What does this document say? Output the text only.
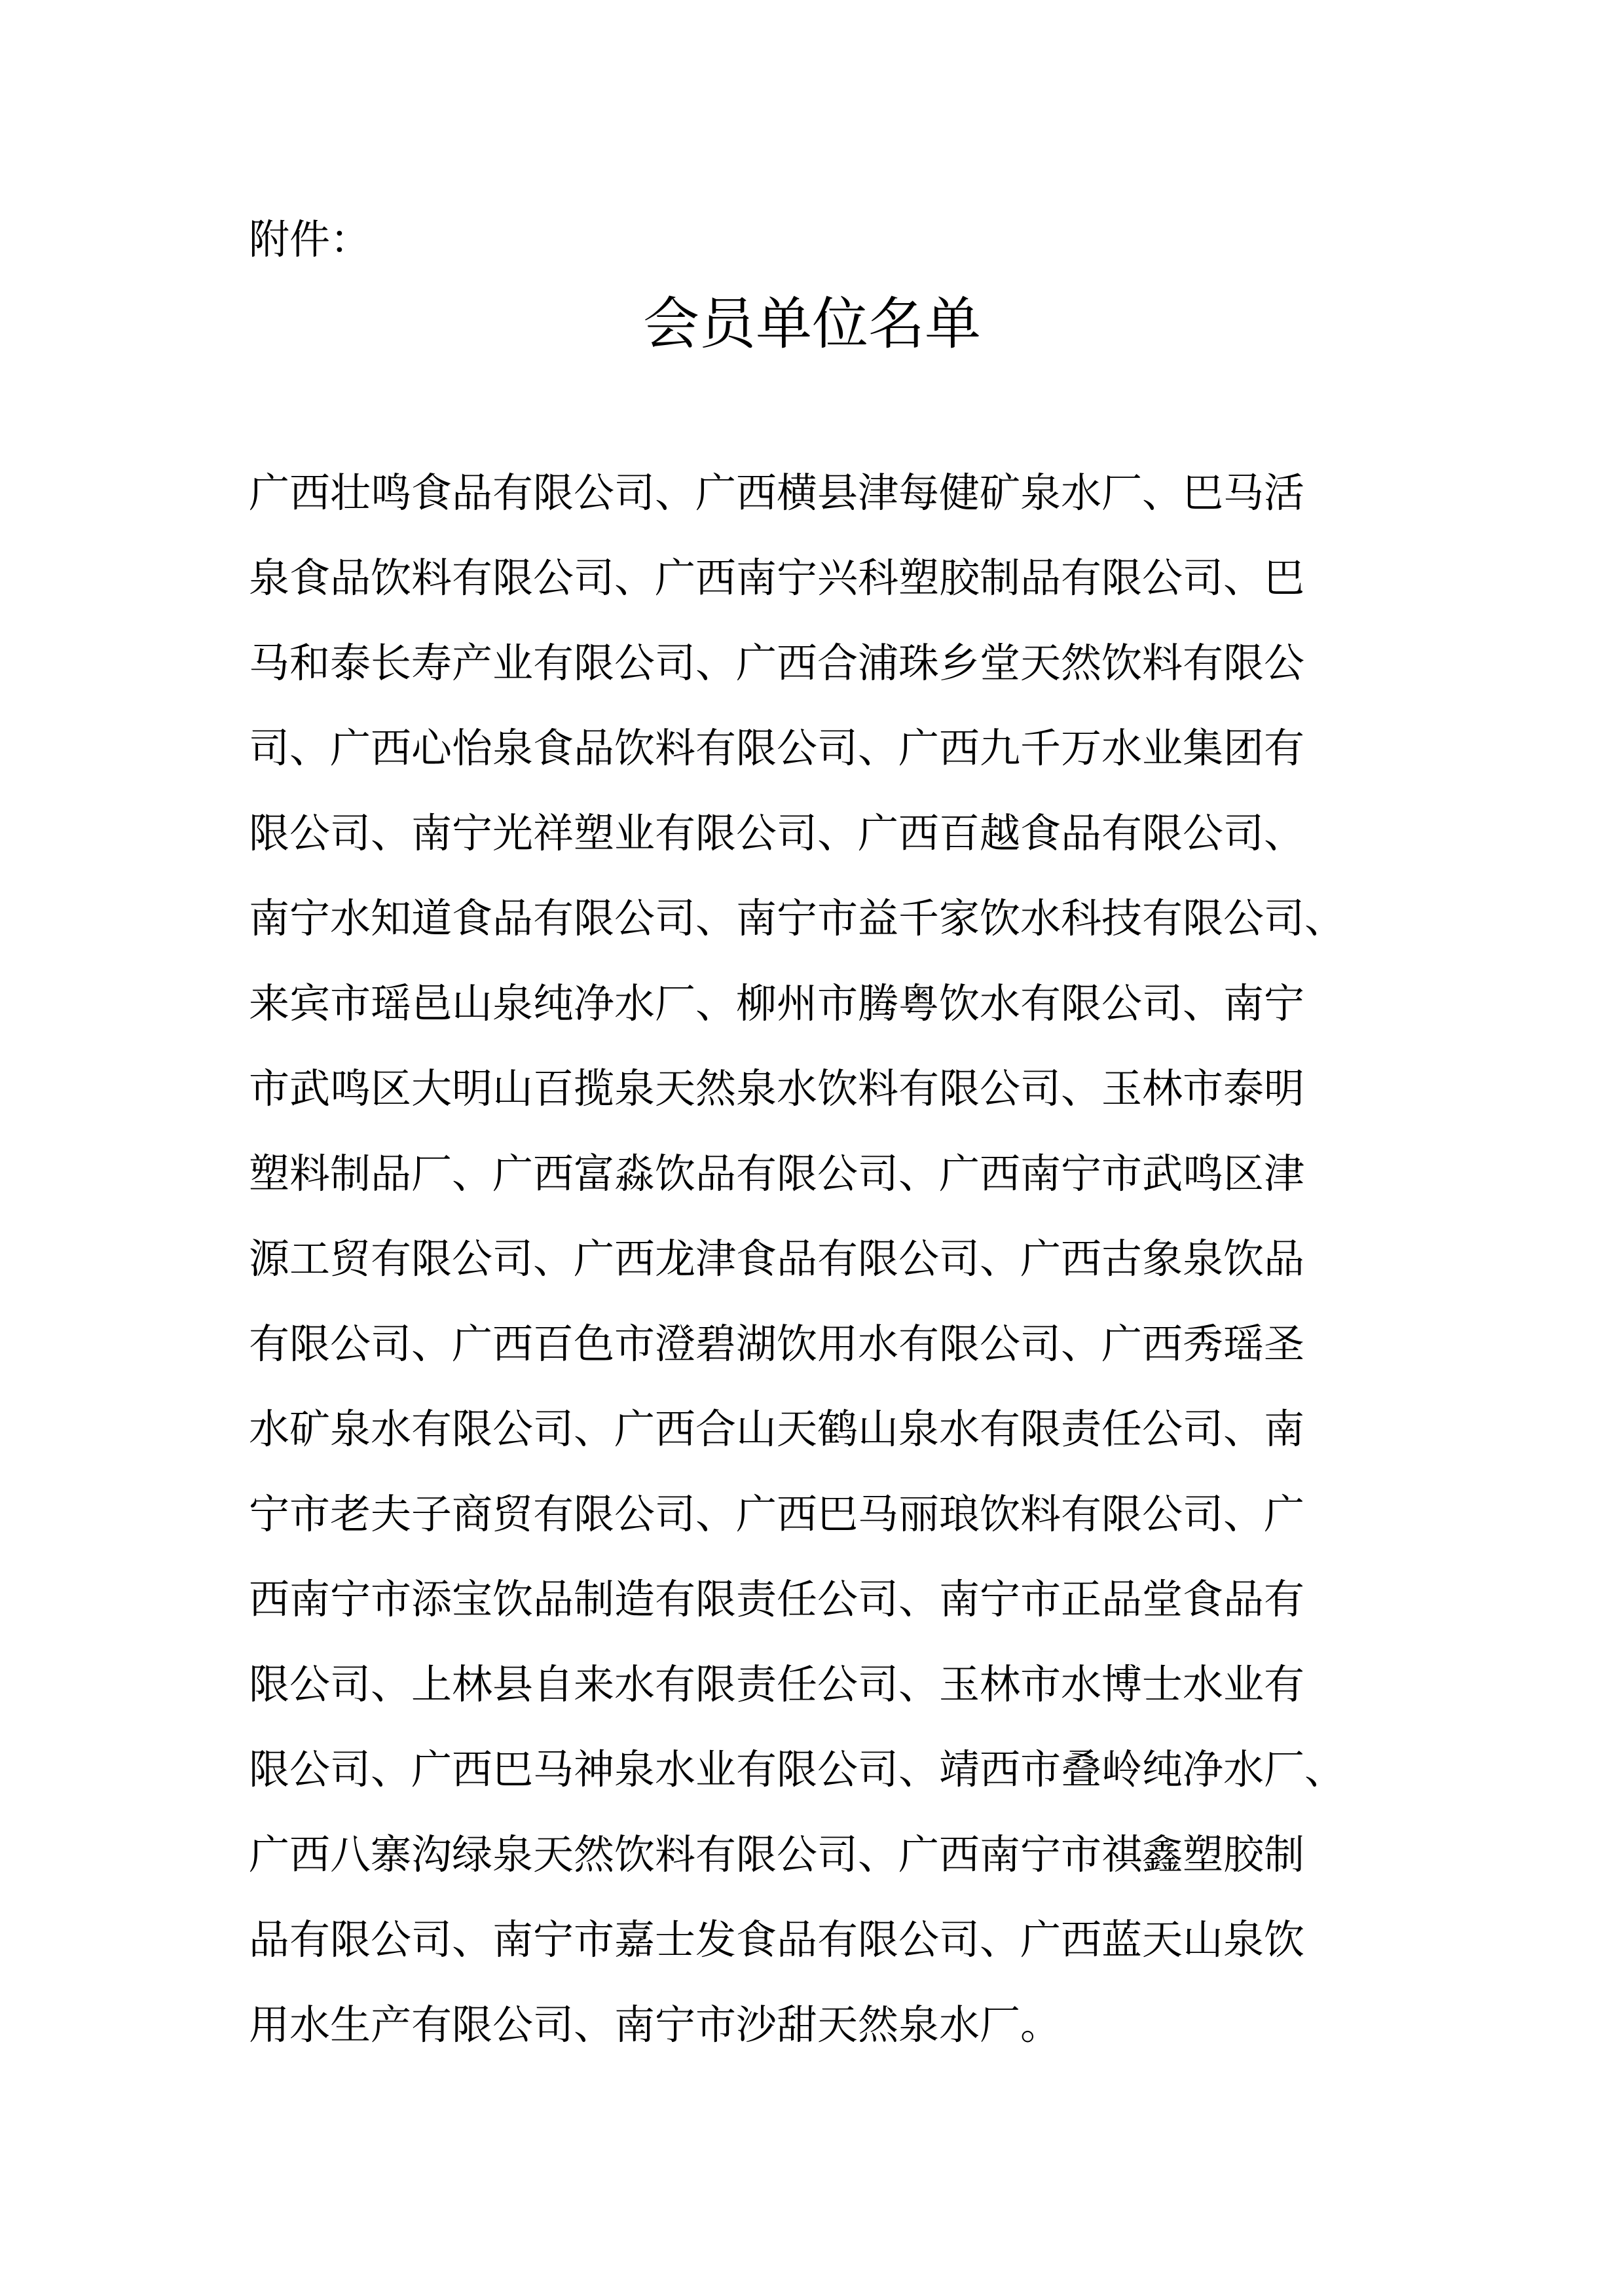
附件：
会员单位名单
广西壮鸣食品有限公司、广西横县津每健矿泉水厂、巴马活
泉食品饮料有限公司、广西南宁兴科塑胶制品有限公司、巴
马和泰长寿产业有限公司、广西合浦珠乡堂天然饮料有限公
司、广西心怡泉食品饮料有限公司、广西九千万水业集团有
限公司、南宁光祥塑业有限公司、广西百越食品有限公司、
南宁水知道食品有限公司、南宁市益千家饮水科技有限公司、
来宾市瑶邑山泉纯净水厂、柳州市腾粤饮水有限公司、南宁
市武鸣区大明山百揽泉天然泉水饮料有限公司、玉林市泰明
塑料制品厂、广西富淼饮品有限公司、广西南宁市武鸣区津
源工贸有限公司、广西龙津食品有限公司、广西古象泉饮品
有限公司、广西百色市澄碧湖饮用水有限公司、广西秀瑶圣
水矿泉水有限公司、广西合山天鹤山泉水有限责任公司、南
宁市老夫子商贸有限公司、广西巴马丽琅饮料有限公司、广
西南宁市添宝饮品制造有限责任公司、南宁市正品堂食品有
限公司、上林县自来水有限责任公司、玉林市水博士水业有
限公司、广西巴马神泉水业有限公司、靖西市叠岭纯净水厂、
广西八寨沟绿泉天然饮料有限公司、广西南宁市祺鑫塑胶制
品有限公司、南宁市嘉士发食品有限公司、广西蓝天山泉饮
用水生产有限公司、南宁市沙甜天然泉水厂。
